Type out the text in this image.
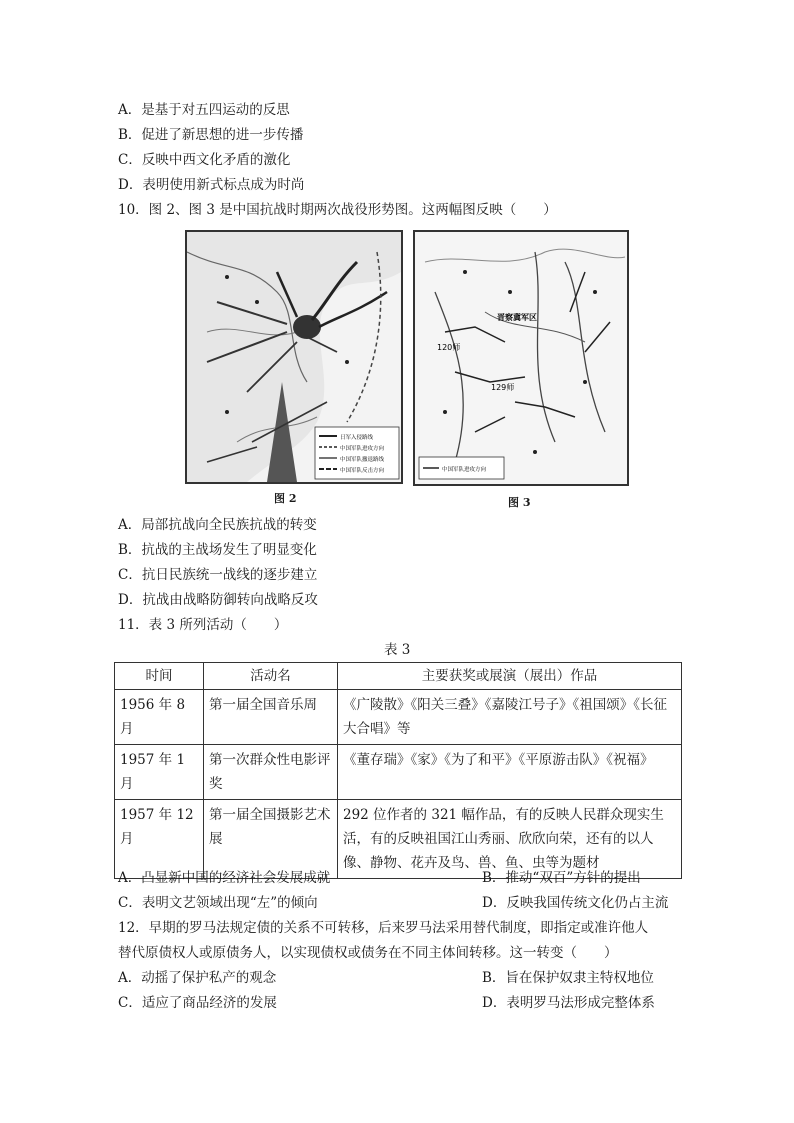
A．是基于对五四运动的反思
B．促进了新思想的进一步传播
C．反映中西文化矛盾的激化
D．表明使用新式标点成为时尚
10．图 2、图 3 是中国抗战时期两次战役形势图。这两幅图反映（　　）
日军入侵路线
中国军队进攻方向
中国军队撤退路线
中国军队反击方向
图 2
晋察冀军区
120师
129师
中国军队进攻方向
图 3
A．局部抗战向全民族抗战的转变
B．抗战的主战场发生了明显变化
C．抗日民族统一战线的逐步建立
D．抗战由战略防御转向战略反攻
11．表 3 所列活动（　　）
表 3
时间	活动名	主要获奖或展演（展出）作品
1956 年 8 月	第一届全国音乐周	《广陵散》《阳关三叠》《嘉陵江号子》《祖国颂》《长征大合唱》等
1957 年 1 月	第一次群众性电影评奖	《董存瑞》《家》《为了和平》《平原游击队》《祝福》
1957 年 12 月	第一届全国摄影艺术展	292 位作者的 321 幅作品，有的反映人民群众现实生活，有的反映祖国江山秀丽、欣欣向荣，还有的以人像、静物、花卉及鸟、兽、鱼、虫等为题材
A．凸显新中国的经济社会发展成就	B．推动“双百”方针的提出
C．表明文艺领域出现“左”的倾向	D．反映我国传统文化仍占主流
12．早期的罗马法规定债的关系不可转移，后来罗马法采用替代制度，即指定或准许他人
替代原债权人或原债务人，以实现债权或债务在不同主体间转移。这一转变（　　）
A．动摇了保护私产的观念	B．旨在保护奴隶主特权地位
C．适应了商品经济的发展	D．表明罗马法形成完整体系
